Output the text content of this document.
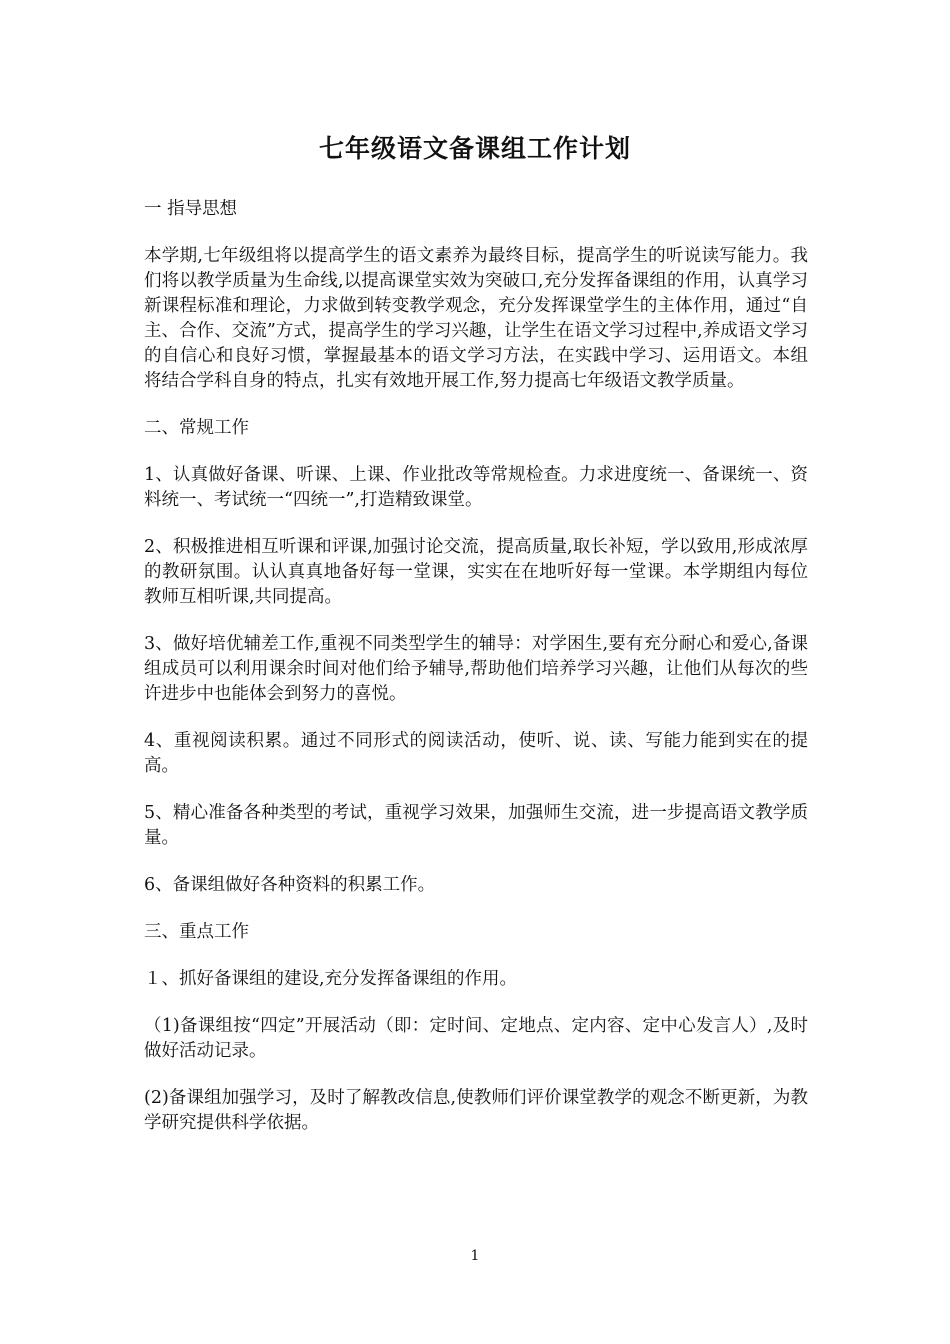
七年级语文备课组工作计划

一 指导思想

本学期,七年级组将以提高学生的语文素养为最终目标，提高学生的听说读写能力。我们将以教学质量为生命线,以提高课堂实效为突破口,充分发挥备课组的作用，认真学习新课程标准和理论，力求做到转变教学观念，充分发挥课堂学生的主体作用，通过“自主、合作、交流”方式，提高学生的学习兴趣，让学生在语文学习过程中,养成语文学习的自信心和良好习惯，掌握最基本的语文学习方法，在实践中学习、运用语文。本组将结合学科自身的特点，扎实有效地开展工作,努力提高七年级语文教学质量。

二、常规工作

1、认真做好备课、听课、上课、作业批改等常规检查。力求进度统一、备课统一、资料统一、考试统一“四统一”,打造精致课堂。

2、积极推进相互听课和评课,加强讨论交流，提高质量,取长补短，学以致用,形成浓厚的教研氛围。认认真真地备好每一堂课，实实在在地听好每一堂课。本学期组内每位教师互相听课,共同提高。

3、做好培优辅差工作,重视不同类型学生的辅导：对学困生,要有充分耐心和爱心,备课组成员可以利用课余时间对他们给予辅导,帮助他们培养学习兴趣，让他们从每次的些许进步中也能体会到努力的喜悦。

4、重视阅读积累。通过不同形式的阅读活动，使听、说、读、写能力能到实在的提高。

5、精心准备各种类型的考试，重视学习效果，加强师生交流，进一步提高语文教学质量。

6、备课组做好各种资料的积累工作。

三、重点工作

１、抓好备课组的建设,充分发挥备课组的作用。

（1)备课组按“四定”开展活动（即：定时间、定地点、定内容、定中心发言人）,及时做好活动记录。

(2)备课组加强学习，及时了解教改信息,使教师们评价课堂教学的观念不断更新，为教学研究提供科学依据。

1
